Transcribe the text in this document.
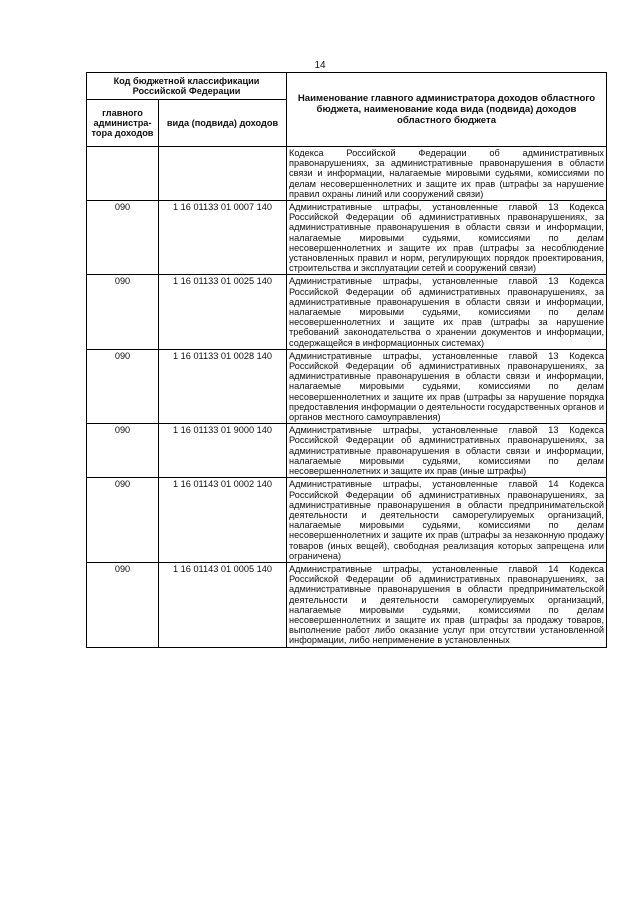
14
Код бюджетной классификации Российской Федерации		Наименование главного администратора доходов областного бюджета, наименование кода вида (подвида) доходов областного бюджета
главного администра-тора доходов	вида (подвида) доходов	
		Кодекса Российской Федерации об административных правонарушениях, за административные правонарушения в области связи и информации, налагаемые мировыми судьями, комиссиями по делам несовершеннолетних и защите их прав (штрафы за нарушение правил охраны линий или сооружений связи)
090	1 16 01133 01 0007 140	Административные штрафы, установленные главой 13 Кодекса Российской Федерации об административных правонарушениях, за административные правонарушения в области связи и информации, налагаемые мировыми судьями, комиссиями по делам несовершеннолетних и защите их прав (штрафы за несоблюдение установленных правил и норм, регулирующих порядок проектирования, строительства и эксплуатации сетей и сооружений связи)
090	1 16 01133 01 0025 140	Административные штрафы, установленные главой 13 Кодекса Российской Федерации об административных правонарушениях, за административные правонарушения в области связи и информации, налагаемые мировыми судьями, комиссиями по делам несовершеннолетних и защите их прав (штрафы за нарушение требований законодательства о хранении документов и информации, содержащейся в информационных системах)
090	1 16 01133 01 0028 140	Административные штрафы, установленные главой 13 Кодекса Российской Федерации об административных правонарушениях, за административные правонарушения в области связи и информации, налагаемые мировыми судьями, комиссиями по делам несовершеннолетних и защите их прав (штрафы за нарушение порядка предоставления информации о деятельности государственных органов и органов местного самоуправления)
090	1 16 01133 01 9000 140	Административные штрафы, установленные главой 13 Кодекса Российской Федерации об административных правонарушениях, за административные правонарушения в области связи и информации, налагаемые мировыми судьями, комиссиями по делам несовершеннолетних и защите их прав (иные штрафы)
090	1 16 01143 01 0002 140	Административные штрафы, установленные главой 14 Кодекса Российской Федерации об административных правонарушениях, за административные правонарушения в области предпринимательской деятельности и деятельности саморегулируемых организаций, налагаемые мировыми судьями, комиссиями по делам несовершеннолетних и защите их прав (штрафы за незаконную продажу товаров (иных вещей), свободная реализация которых запрещена или ограничена)
090	1 16 01143 01 0005 140	Административные штрафы, установленные главой 14 Кодекса Российской Федерации об административных правонарушениях, за административные правонарушения в области предпринимательской деятельности и деятельности саморегулируемых организаций, налагаемые мировыми судьями, комиссиями по делам несовершеннолетних и защите их прав (штрафы за продажу товаров, выполнение работ либо оказание услуг при отсутствии установленной информации, либо неприменение в установленных
